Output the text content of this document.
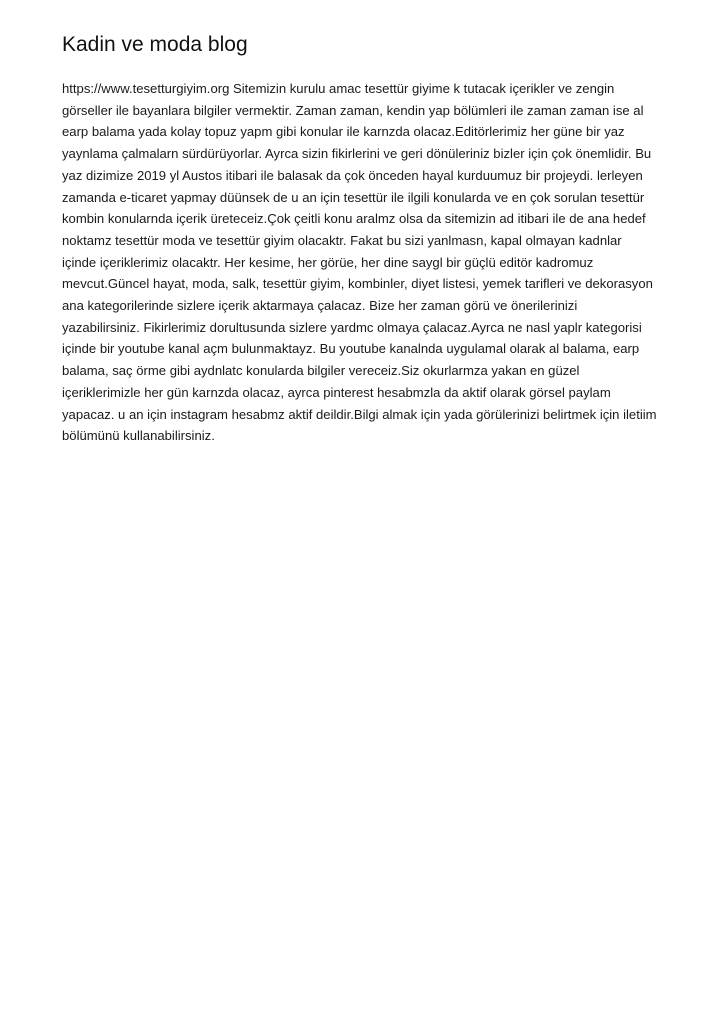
Kadin ve moda blog

https://www.tesetturgiyim.org Sitemizin kurulu amac tesettür giyime k tutacak içerikler ve zengin görseller ile bayanlara bilgiler vermektir. Zaman zaman, kendin yap bölümleri ile zaman zaman ise al earp balama yada kolay topuz yapm gibi konular ile karnzda olacaz.Editörlerimiz her güne bir yaz yaynlama çalmalarn sürdürüyorlar. Ayrca sizin fikirlerini ve geri dönüleriniz bizler için çok önemlidir. Bu yaz dizimize 2019 yl Austos itibari ile balasak da çok önceden hayal kurduumuz bir projeydi. lerleyen zamanda e-ticaret yapmay düünsek de u an için tesettür ile ilgili konularda ve en çok sorulan tesettür kombin konularnda içerik üreteceiz.Çok çeitli konu aralmz olsa da sitemizin ad itibari ile de ana hedef noktamz tesettür moda ve tesettür giyim olacaktr. Fakat bu sizi yanlmasn, kapal olmayan kadnlar içinde içeriklerimiz olacaktr. Her kesime, her görüe, her dine saygl bir güçlü editör kadromuz mevcut.Güncel hayat, moda, salk, tesettür giyim, kombinler, diyet listesi, yemek tarifleri ve dekorasyon ana kategorilerinde sizlere içerik aktarmaya çalacaz. Bize her zaman görü ve önerilerinizi yazabilirsiniz. Fikirlerimiz dorultusunda sizlere yardmc olmaya çalacaz.Ayrca ne nasl yaplr kategorisi içinde bir youtube kanal açm bulunmaktayz. Bu youtube kanalnda uygulamal olarak al balama, earp balama, saç örme gibi aydnlatc konularda bilgiler vereceiz.Siz okurlarmza yakan en güzel içeriklerimizle her gün karnzda olacaz, ayrca pinterest hesabmzla da aktif olarak görsel paylam yapacaz. u an için instagram hesabmz aktif deildir.Bilgi almak için yada görülerinizi belirtmek için iletiim bölümünü kullanabilirsiniz.
